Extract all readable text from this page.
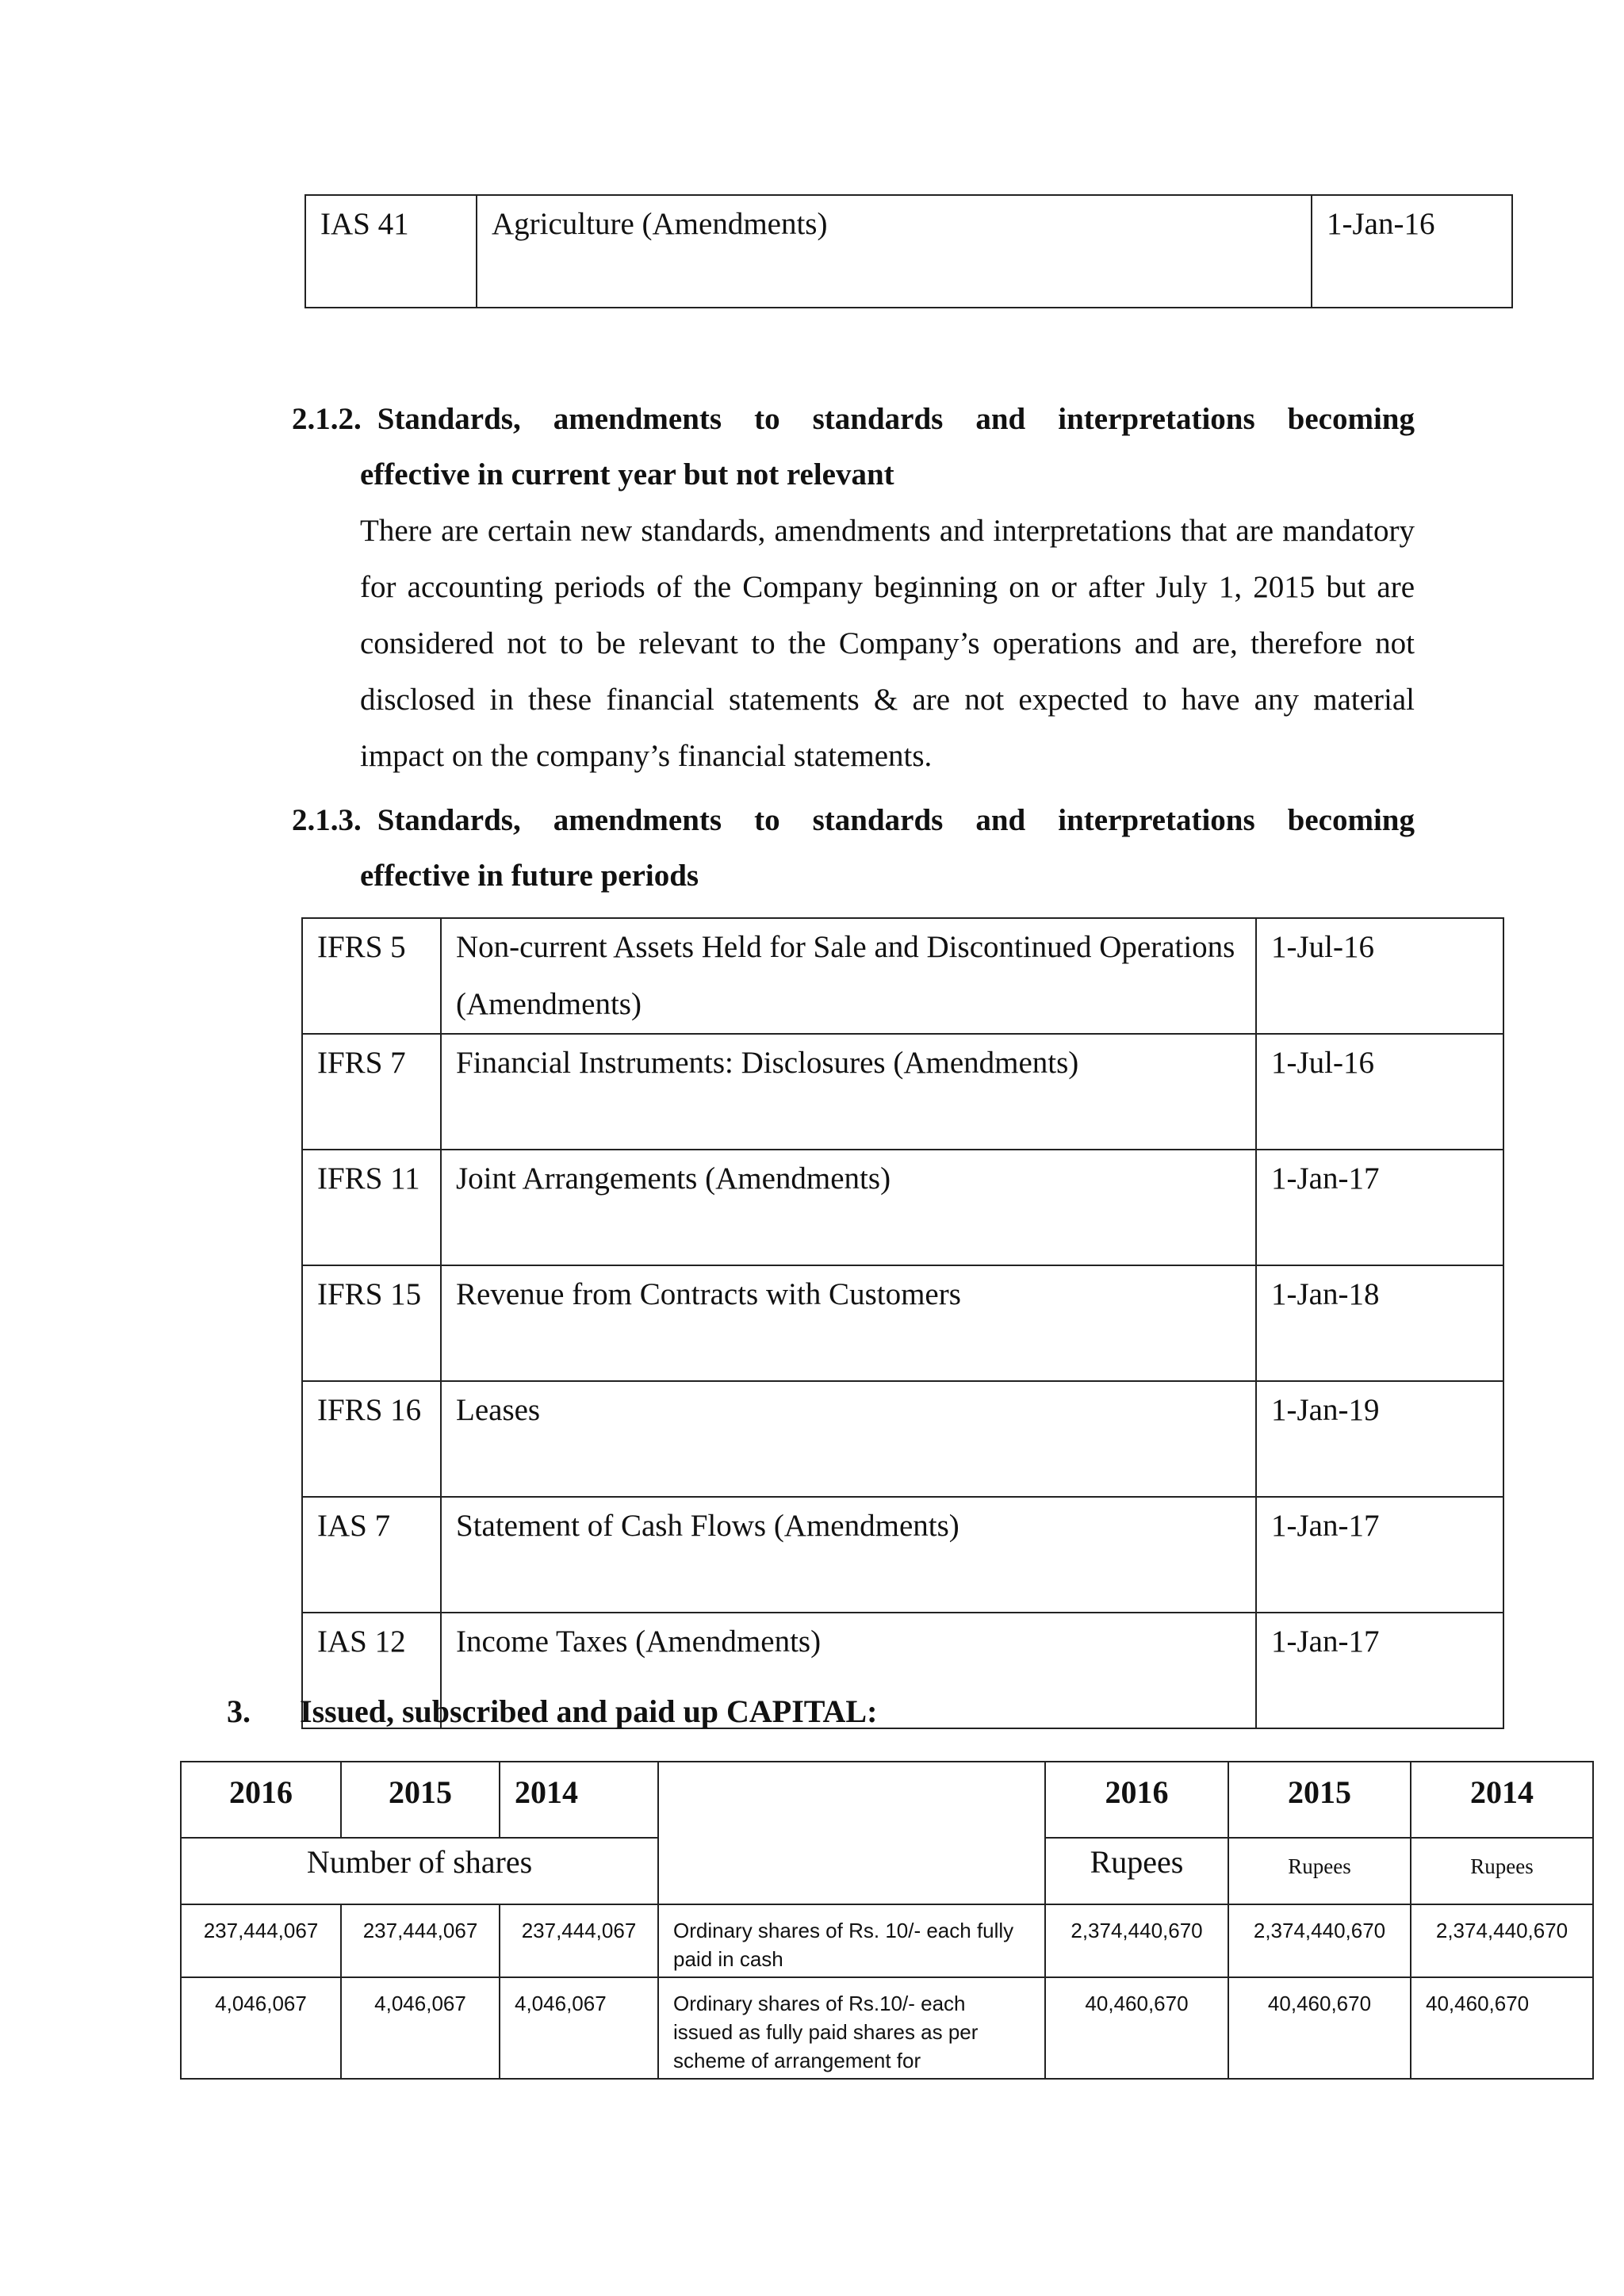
IAS 41	Agriculture (Amendments)	1-Jan-16
2.1.2. Standards, amendments to standards and interpretations becoming
effective in current year but not relevant
There are certain new standards, amendments and interpretations that are mandatory for accounting periods of the Company beginning on or after July 1, 2015 but are considered not to be relevant to the Company’s operations and are, therefore not disclosed in these financial statements & are not expected to have any material impact on the company’s financial statements.
2.1.3. Standards, amendments to standards and interpretations becoming
effective in future periods
IFRS 5	Non-current Assets Held for Sale and Discontinued Operations (Amendments)	1-Jul-16
IFRS 7	Financial Instruments: Disclosures (Amendments)	1-Jul-16
IFRS 11	Joint Arrangements (Amendments)	1-Jan-17
IFRS 15	Revenue from Contracts with Customers	1-Jan-18
IFRS 16	Leases	1-Jan-19
IAS 7	Statement of Cash Flows (Amendments)	1-Jan-17
IAS 12	Income Taxes (Amendments)	1-Jan-17
3. Issued, subscribed and paid up CAPITAL:
2016	2015	2014		2016	2015	2014
Number of shares				Rupees	Rupees	Rupees
237,444,067	237,444,067	237,444,067	Ordinary shares of Rs. 10/- each fully paid in cash	2,374,440,670	2,374,440,670	2,374,440,670
4,046,067	4,046,067	4,046,067	Ordinary shares of Rs.10/- each issued as fully paid shares as per scheme of arrangement for	40,460,670	40,460,670	40,460,670
